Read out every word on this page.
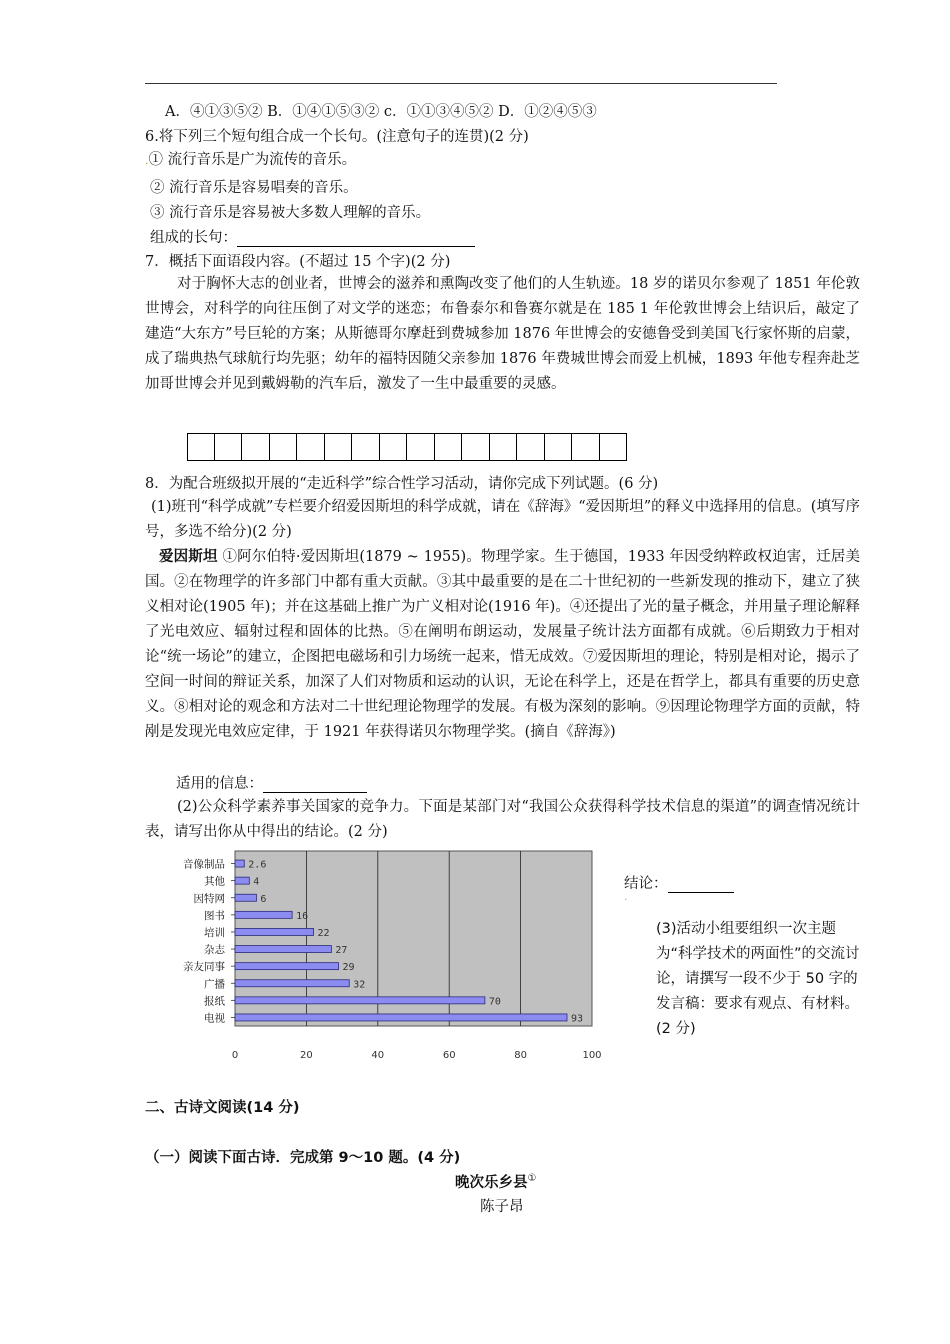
A．④①③⑤② B．①④①⑤③② c．①①③④⑤② D．①②④⑤③
6.将下列三个短句组合成一个长句。(注意句子的连贯)(2 分)
.① 流行音乐是广为流传的音乐。
② 流行音乐是容易唱奏的音乐。
③ 流行音乐是容易被大多数人理解的音乐。
组成的长句：
7．概括下面语段内容。(不超过 15 个字)(2 分)
对于胸怀大志的创业者，世博会的滋养和熏陶改变了他们的人生轨迹。18 岁的诺贝尔参观了 1851 年伦敦世博会，对科学的向往压倒了对文学的迷恋；布鲁泰尔和鲁赛尔就是在 185 1 年伦敦世博会上结识后，敲定了建造“大东方”号巨轮的方案；从斯德哥尔摩赶到费城参加 1876 年世博会的安德鲁受到美国飞行家怀斯的启蒙，成了瑞典热气球航行均先驱；幼年的福特因随父亲参加 1876 年费城世博会而爱上机械，1893 年他专程奔赴芝加哥世博会并见到戴姆勒的汽车后，激发了一生中最重要的灵感。
8．为配合班级拟开展的“走近科学”综合性学习活动，请你完成下列试题。(6 分)
(1)班刊“科学成就”专栏要介绍爱因斯坦的科学成就，请在《辞海》“爱因斯坦”的释义中选择用的信息。(填写序号，多选不给分)(2 分)
爱因斯坦 ①阿尔伯特·爱因斯坦(1879 ~ 1955)。物理学家。生于德国，1933 年因受纳粹政权迫害，迁居美国。②在物理学的许多部门中都有重大贡献。③其中最重要的是在二十世纪初的一些新发现的推动下，建立了狭义相对论(1905 年)；并在这基础上推广为广义相对论(1916 年)。④还提出了光的量子概念，并用量子理论解释了光电效应、辐射过程和固体的比热。⑤在阐明布朗运动，发展量子统计法方面都有成就。⑥后期致力于相对论“统一场论”的建立，企图把电磁场和引力场统一起来，惜无成效。⑦爱因斯坦的理论，特别是相对论，揭示了空间一时间的辩证关系，加深了人们对物质和运动的认识，无论在科学上，还是在哲学上，都具有重要的历史意义。⑧相对论的观念和方法对二十世纪理论物理学的发展。有极为深刻的影响。⑨因理论物理学方面的贡献，特剐是发现光电效应定律，于 1921 年获得诺贝尔物理学奖。(摘自《辞海》)
适用的信息：
(2)公众科学素养事关国家的竞争力。下面是某部门对“我国公众获得科学技术信息的渠道”的调查情况统计表，请写出你从中得出的结论。(2 分)
0	20	40	60	80	100
音像制品 2.6
其他	4
因特网	6
图书	16
培训	22
杂志	27
亲友同事	29
广播	32
报纸	70
电视	93
结论：
.
(3)活动小组要组织一次主题为“科学技术的两面性”的交流讨论，请撰写一段不少于 50 字的发言稿：要求有观点、有材料。(2 分)
二、古诗文阅读(14 分)
（一）阅读下面古诗．完成第 9～10 题。(4 分)
晚次乐乡县①
陈子昂
